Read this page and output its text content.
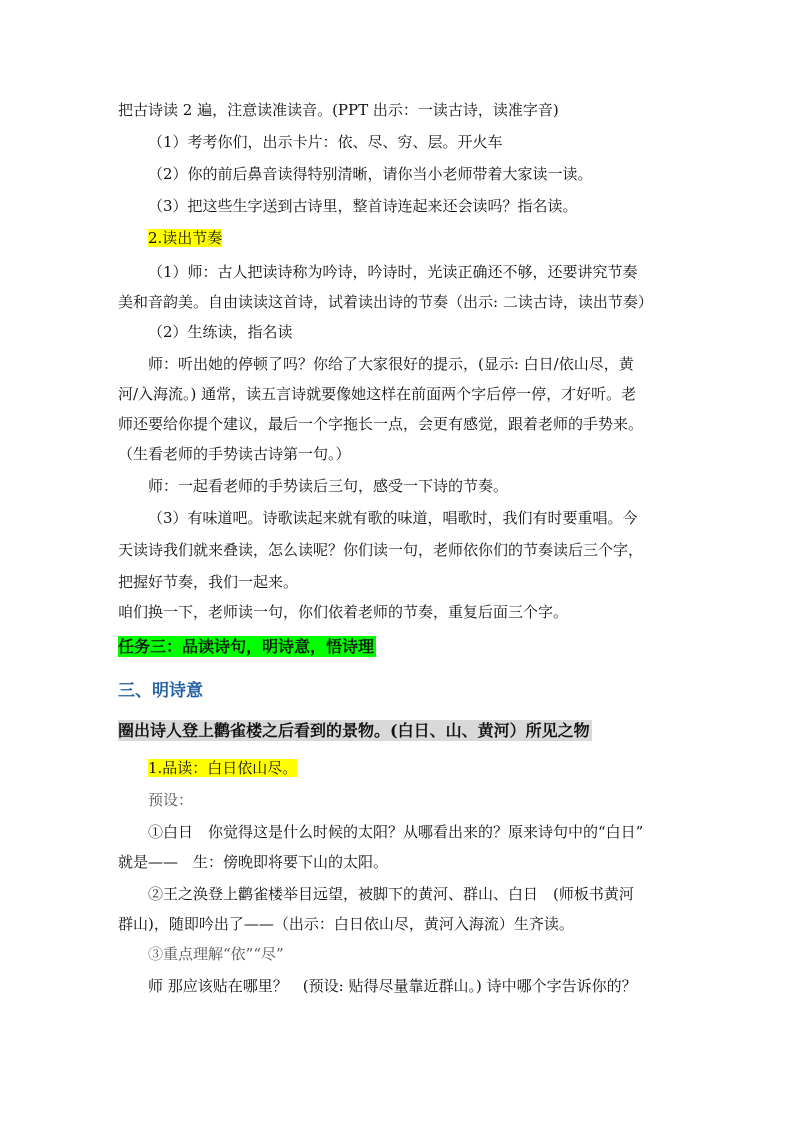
把古诗读 2 遍，注意读准读音。(PPT 出示：一读古诗，读准字音)
（1）考考你们，出示卡片：依、尽、穷、层。开火车
（2）你的前后鼻音读得特别清晰，请你当小老师带着大家读一读。
（3）把这些生字送到古诗里，整首诗连起来还会读吗？指名读。
2.读出节奏
（1）师：古人把读诗称为吟诗，吟诗时，光读正确还不够，还要讲究节奏
美和音韵美。自由读读这首诗，试着读出诗的节奏（出示: 二读古诗，读出节奏）
（2）生练读，指名读
师：听出她的停顿了吗？你给了大家很好的提示，(显示: 白日/依山尽，黄
河/入海流。) 通常，读五言诗就要像她这样在前面两个字后停一停，才好听。老
师还要给你提个建议，最后一个字拖长一点，会更有感觉，跟着老师的手势来。
（生看老师的手势读古诗第一句。）
师：一起看老师的手势读后三句，感受一下诗的节奏。
（3）有味道吧。诗歌读起来就有歌的味道，唱歌时，我们有时要重唱。今
天读诗我们就来叠读，怎么读呢？你们读一句，老师依你们的节奏读后三个字，
把握好节奏，我们一起来。
咱们换一下，老师读一句，你们依着老师的节奏，重复后面三个字。
任务三：品读诗句，明诗意，悟诗理
三、明诗意
圈出诗人登上鹳雀楼之后看到的景物。(白日、山、黄河）所见之物
1.品读：白日依山尽。
预设：
①白日　你觉得这是什么时候的太阳？从哪看出来的？原来诗句中的“白日”
就是——　生：傍晚即将要下山的太阳。
②王之涣登上鹳雀楼举目远望，被脚下的黄河、群山、白日　(师板书黄河
群山)，随即吟出了——（出示：白日依山尽，黄河入海流）生齐读。
③重点理解“依”“尽”
师 那应该贴在哪里？　(预设: 贴得尽量靠近群山。) 诗中哪个字告诉你的？
